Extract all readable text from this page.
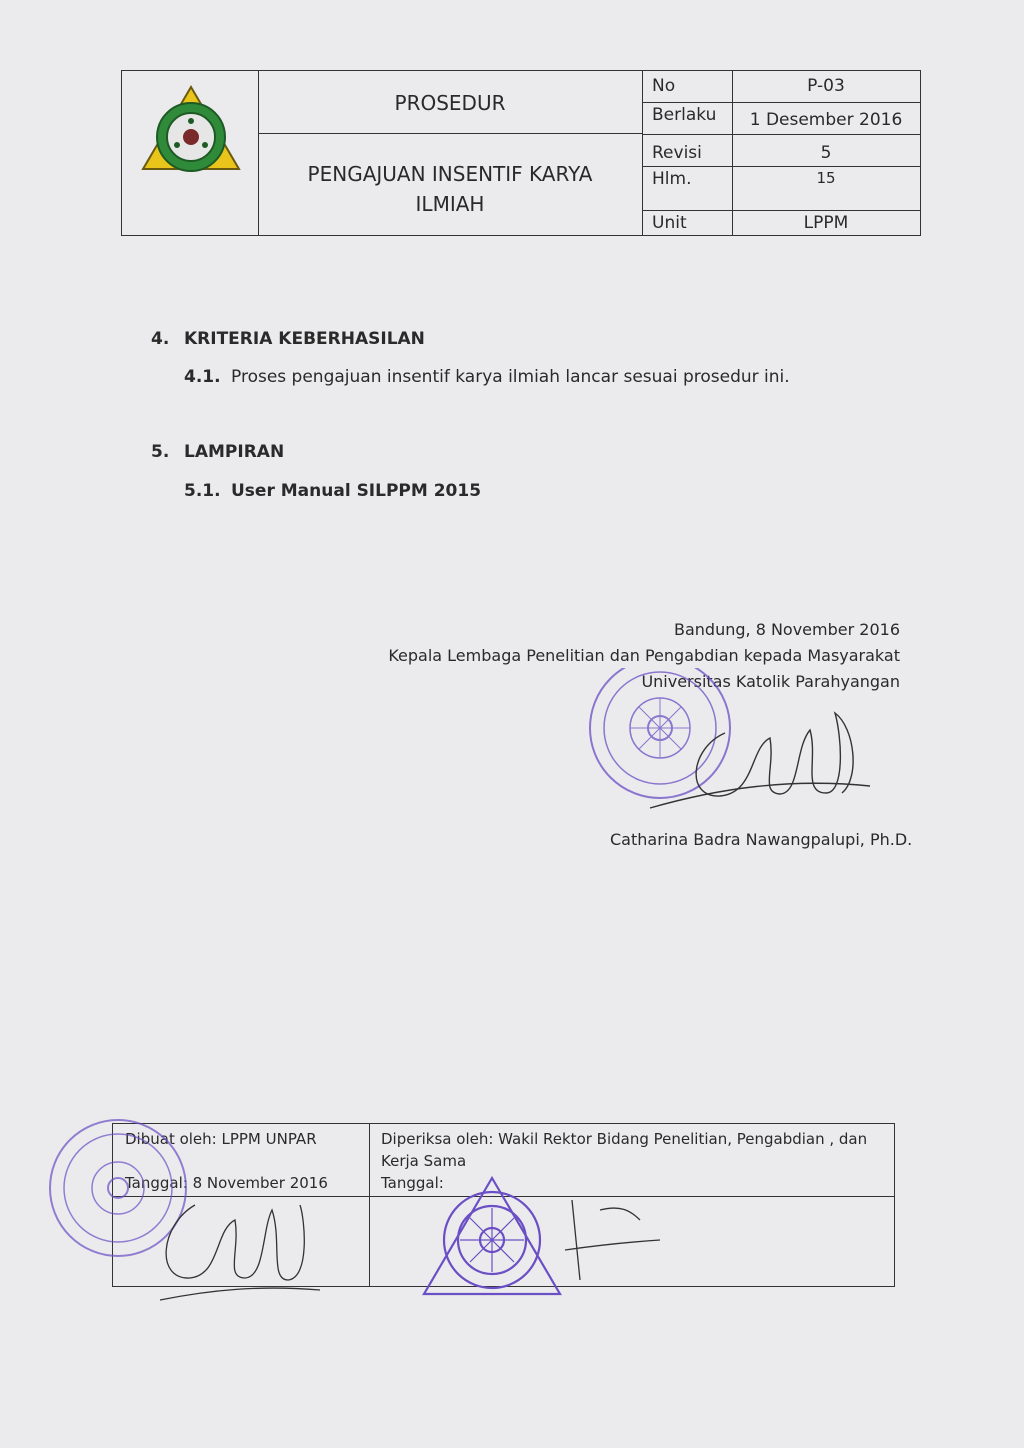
PROSEDUR
PENGAJUAN INSENTIF KARYA ILMIAH
No	P-03
Berlaku	1 Desember 2016
Revisi	5
Hlm.	15
Unit	LPPM
4. KRITERIA KEBERHASILAN
4.1. Proses pengajuan insentif karya ilmiah lancar sesuai prosedur ini.
5. LAMPIRAN
5.1. User Manual SILPPM 2015
Bandung, 8 November 2016
Kepala Lembaga Penelitian dan Pengabdian kepada Masyarakat
Universitas Katolik Parahyangan
Catharina Badra Nawangpalupi, Ph.D.
Dibuat oleh: LPPM UNPAR
Tanggal: 8 November 2016
Diperiksa oleh: Wakil Rektor Bidang Penelitian, Pengabdian , dan Kerja Sama
Tanggal:
